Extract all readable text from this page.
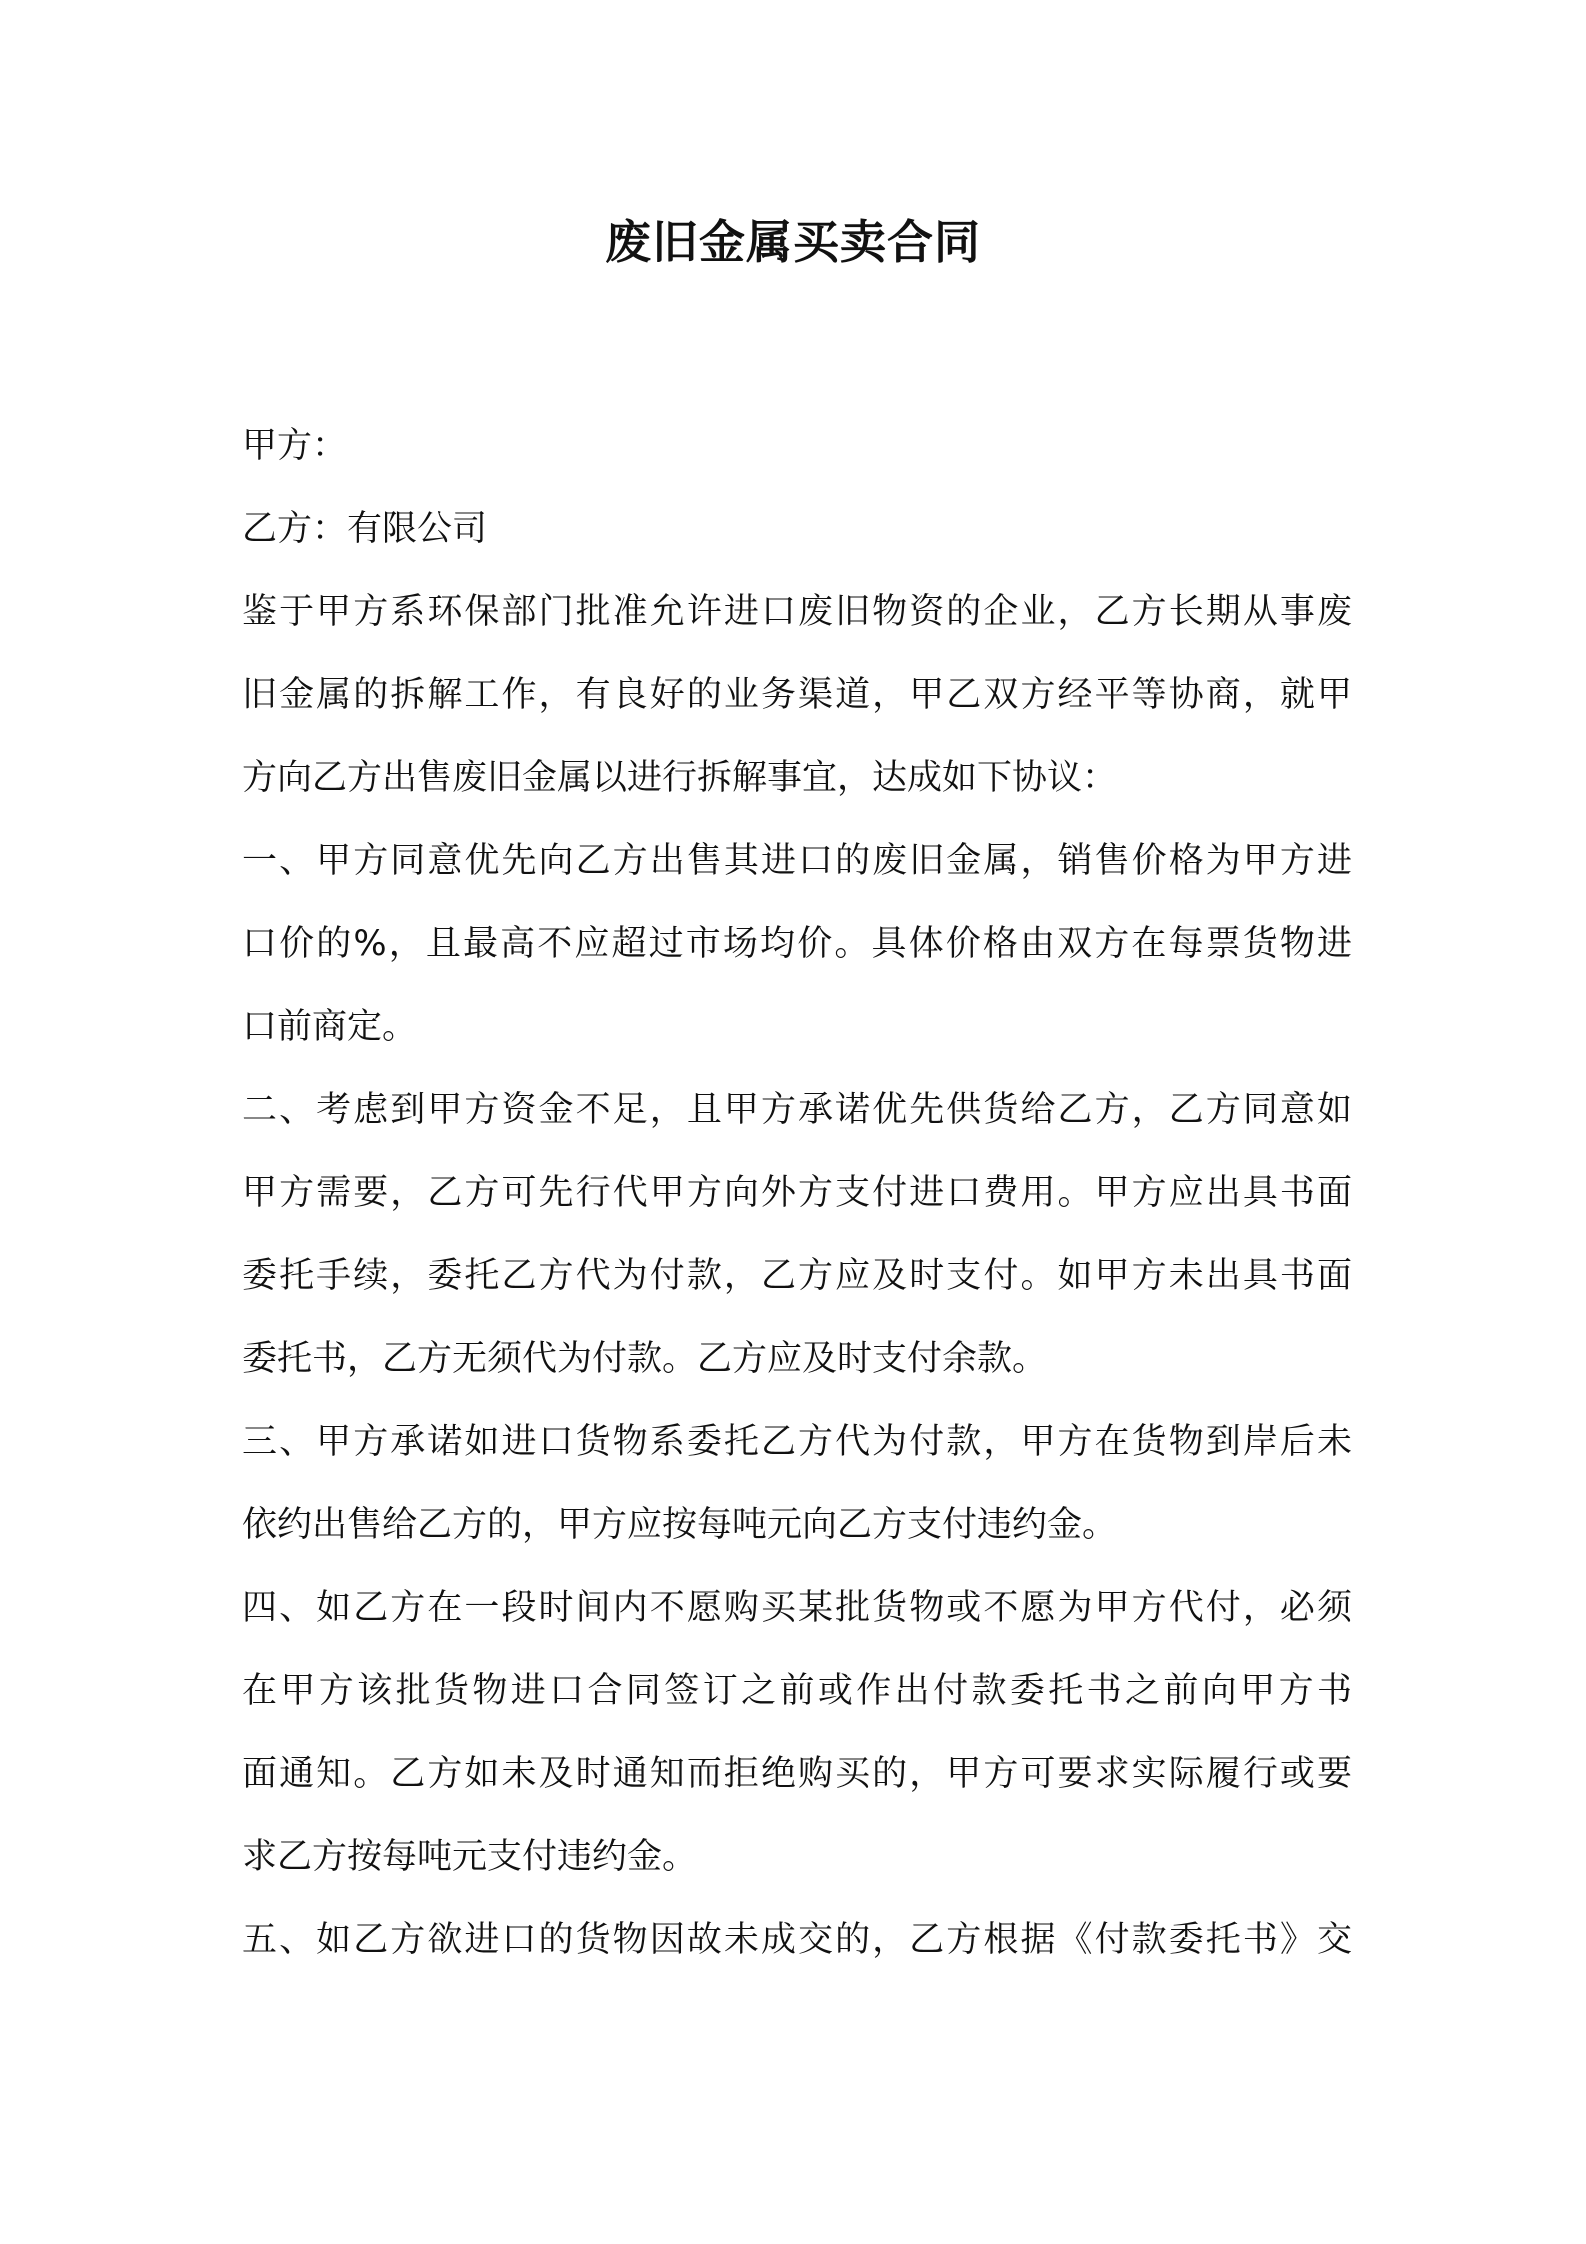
废旧金属买卖合同
甲方：
乙方：有限公司
鉴于甲方系环保部门批准允许进口废旧物资的企业，乙方长期从事废
旧金属的拆解工作，有良好的业务渠道，甲乙双方经平等协商，就甲
方向乙方出售废旧金属以进行拆解事宜，达成如下协议：
一、甲方同意优先向乙方出售其进口的废旧金属，销售价格为甲方进
口价的%，且最高不应超过市场均价。具体价格由双方在每票货物进
口前商定。
二、考虑到甲方资金不足，且甲方承诺优先供货给乙方，乙方同意如
甲方需要，乙方可先行代甲方向外方支付进口费用。甲方应出具书面
委托手续，委托乙方代为付款，乙方应及时支付。如甲方未出具书面
委托书，乙方无须代为付款。乙方应及时支付余款。
三、甲方承诺如进口货物系委托乙方代为付款，甲方在货物到岸后未
依约出售给乙方的，甲方应按每吨元向乙方支付违约金。
四、如乙方在一段时间内不愿购买某批货物或不愿为甲方代付，必须
在甲方该批货物进口合同签订之前或作出付款委托书之前向甲方书
面通知。乙方如未及时通知而拒绝购买的，甲方可要求实际履行或要
求乙方按每吨元支付违约金。
五、如乙方欲进口的货物因故未成交的，乙方根据《付款委托书》交
